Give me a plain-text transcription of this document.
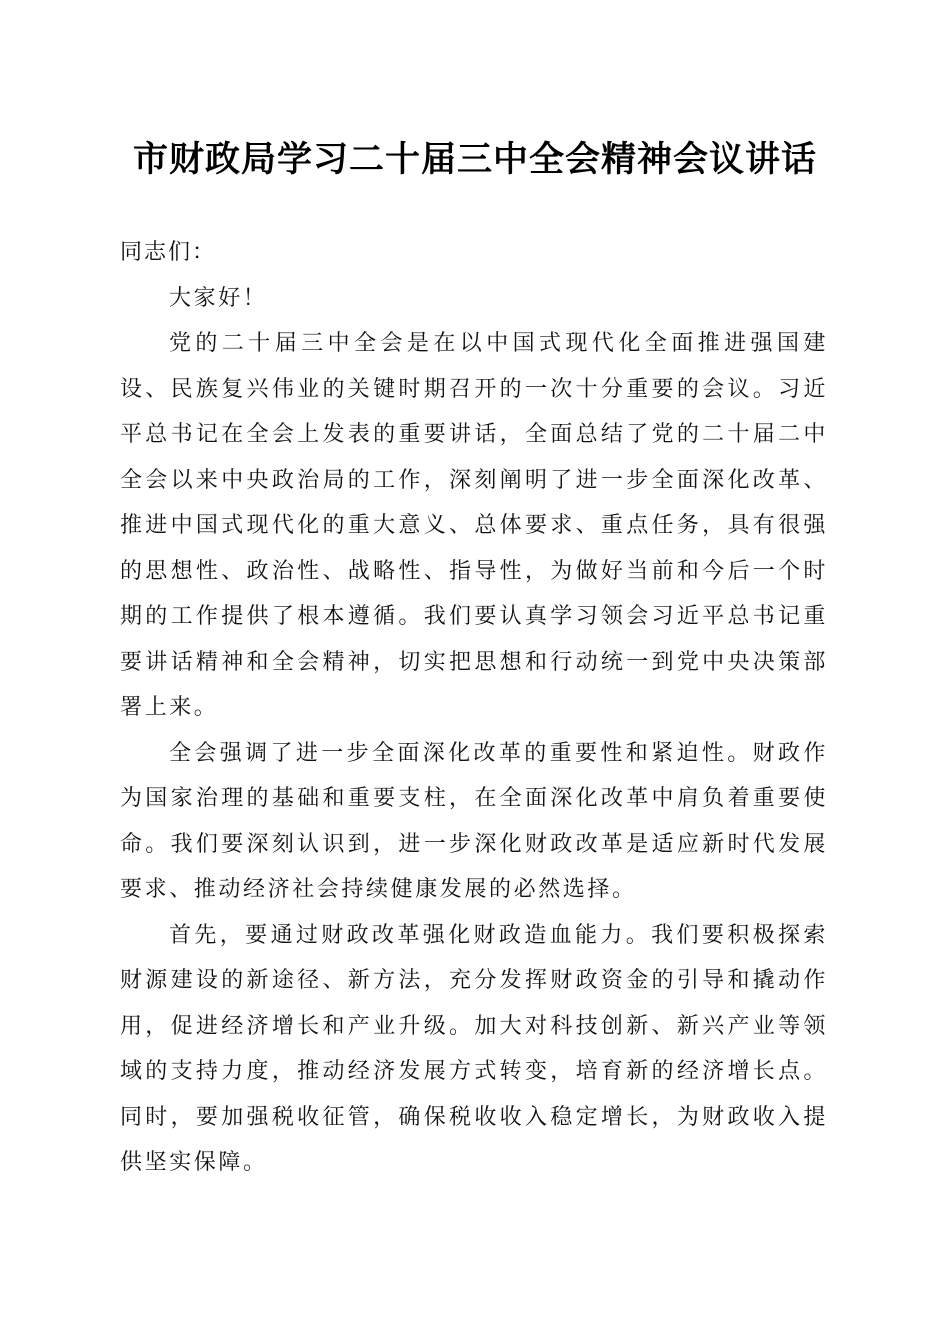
市财政局学习二十届三中全会精神会议讲话

同志们：

大家好！

党的二十届三中全会是在以中国式现代化全面推进强国建设、民族复兴伟业的关键时期召开的一次十分重要的会议。习近平总书记在全会上发表的重要讲话，全面总结了党的二十届二中全会以来中央政治局的工作，深刻阐明了进一步全面深化改革、推进中国式现代化的重大意义、总体要求、重点任务，具有很强的思想性、政治性、战略性、指导性，为做好当前和今后一个时期的工作提供了根本遵循。我们要认真学习领会习近平总书记重要讲话精神和全会精神，切实把思想和行动统一到党中央决策部署上来。

全会强调了进一步全面深化改革的重要性和紧迫性。财政作为国家治理的基础和重要支柱，在全面深化改革中肩负着重要使命。我们要深刻认识到，进一步深化财政改革是适应新时代发展要求、推动经济社会持续健康发展的必然选择。

首先，要通过财政改革强化财政造血能力。我们要积极探索财源建设的新途径、新方法，充分发挥财政资金的引导和撬动作用，促进经济增长和产业升级。加大对科技创新、新兴产业等领域的支持力度，推动经济发展方式转变，培育新的经济增长点。同时，要加强税收征管，确保税收收入稳定增长，为财政收入提供坚实保障。
